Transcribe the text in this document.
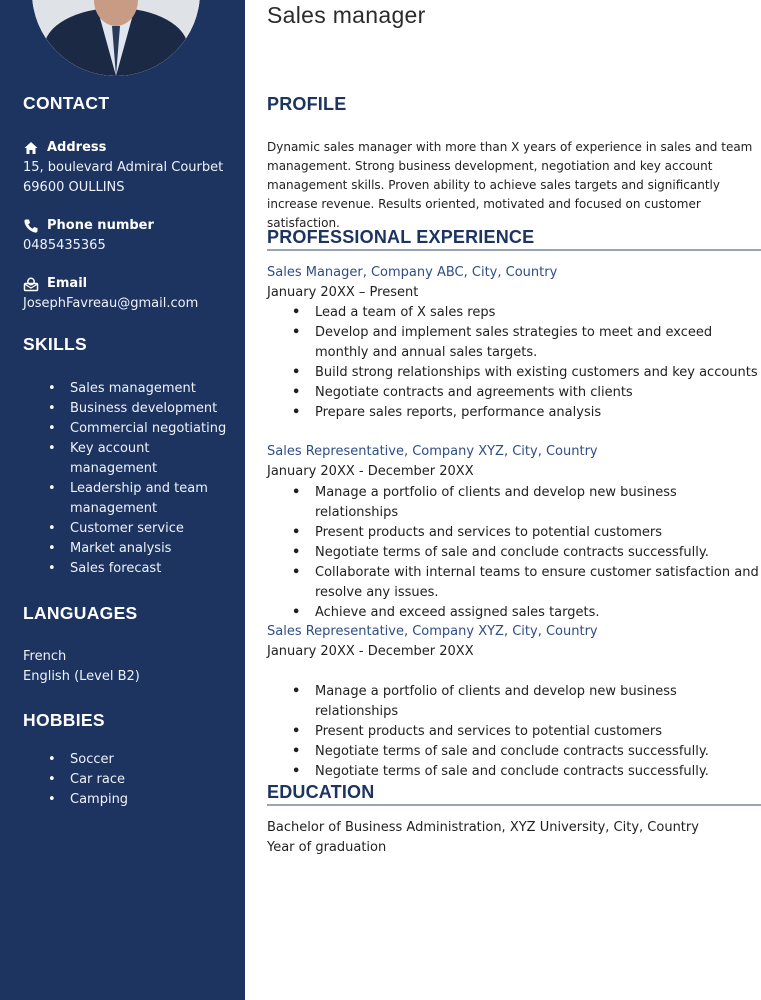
CONTACT
Address
15, boulevard Admiral Courbet
69600 OULLINS
Phone number
0485435365
Email
JosephFavreau@gmail.com
SKILLS
• Sales management
• Business development
• Commercial negotiating
• Key account management
• Leadership and team management
• Customer service
• Market analysis
• Sales forecast
LANGUAGES
French
English (Level B2)
HOBBIES
• Soccer
• Car race
• Camping
Sales manager
PROFILE
Dynamic sales manager with more than X years of experience in sales and team management. Strong business development, negotiation and key account management skills. Proven ability to achieve sales targets and significantly increase revenue. Results oriented, motivated and focused on customer satisfaction.
PROFESSIONAL EXPERIENCE
Sales Manager, Company ABC, City, Country
January 20XX – Present
• Lead a team of X sales reps
• Develop and implement sales strategies to meet and exceed monthly and annual sales targets.
• Build strong relationships with existing customers and key accounts
• Negotiate contracts and agreements with clients
• Prepare sales reports, performance analysis
Sales Representative, Company XYZ, City, Country
January 20XX - December 20XX
• Manage a portfolio of clients and develop new business relationships
• Present products and services to potential customers
• Negotiate terms of sale and conclude contracts successfully.
• Collaborate with internal teams to ensure customer satisfaction and resolve any issues.
• Achieve and exceed assigned sales targets.
Sales Representative, Company XYZ, City, Country
January 20XX - December 20XX
• Manage a portfolio of clients and develop new business relationships
• Present products and services to potential customers
• Negotiate terms of sale and conclude contracts successfully.
• Negotiate terms of sale and conclude contracts successfully.
EDUCATION
Bachelor of Business Administration, XYZ University, City, Country
Year of graduation
